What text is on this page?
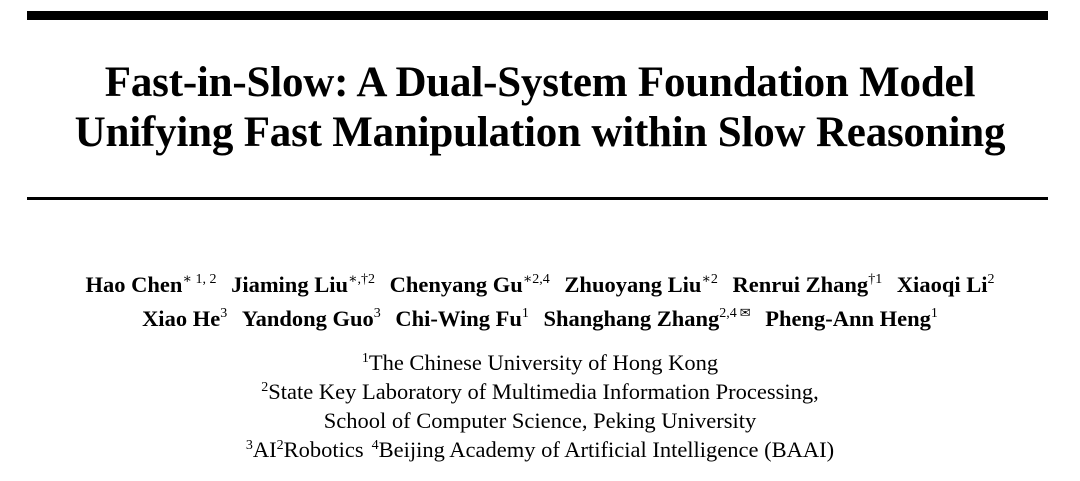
Fast-in-Slow: A Dual-System Foundation Model
Unifying Fast Manipulation within Slow Reasoning
Hao Chen$^{∗ 1, 2}$ Jiaming Liu$^{∗,\dagger 2}$ Chenyang $Gu^{∗2,4}$ Zhuoyang Liu$^{∗2}$ Renrui Zhang$^{\dagger 1}$ Xiaoqi Li$^2$
Xiao He$^3$ Yandong Guo$^3$ Chi-Wing Fu$^1$ Shanghang Zhang$^{2,4}$ ✉ Pheng-Ann Heng$^1$
$^1$The Chinese University of Hong Kong
$^2$State Key Laboratory of Multimedia Information Processing,
School of Computer Science, Peking University
$^3AI^2Robotics$ $^4$Beijing Academy of Artificial Intelligence (BAAI)
